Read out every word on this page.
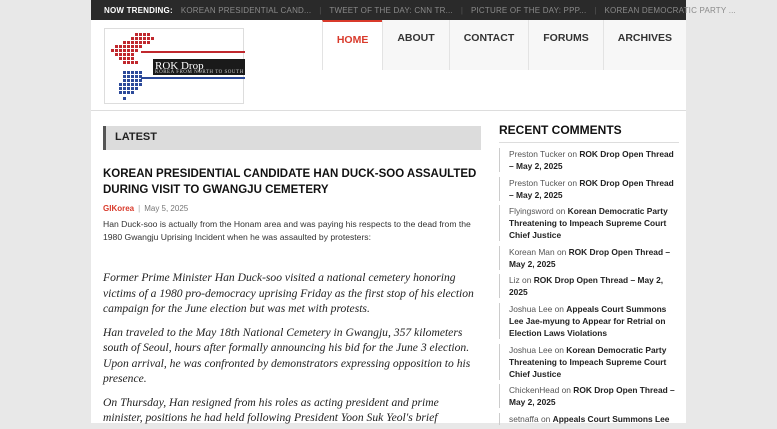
NOW TRENDING:	KOREAN PRESIDENTIAL CAND...	|	TWEET OF THE DAY: CNN TR...	|	PICTURE OF THE DAY: PPP...	|	KOREAN DEMOCRATIC PARTY ...
ROK Drop
KOREA FROM NORTH TO SOUTH
HOME	ABOUT	CONTACT	FORUMS	ARCHIVES
LATEST
KOREAN PRESIDENTIAL CANDIDATE HAN DUCK-SOO ASSAULTED DURING VISIT TO GWANGJU CEMETERY
GIKorea | May 5, 2025

Han Duck-soo is actually from the Honam area and was paying his respects to the dead from the 1980 Gwangju Uprising Incident when he was assaulted by protesters:

Former Prime Minister Han Duck-soo visited a national cemetery honoring victims of a 1980 pro-democracy uprising Friday as the first stop of his election campaign for the June election but was met with protests.

Han traveled to the May 18th National Cemetery in Gwangju, 357 kilometers south of Seoul, hours after formally announcing his bid for the June 3 election. Upon arrival, he was confronted by demonstrators expressing opposition to his presence.

On Thursday, Han resigned from his roles as acting president and prime minister, positions he had held following President Yoon Suk Yeol's brief

RECENT COMMENTS
Preston Tucker on ROK Drop Open Thread – May 2, 2025
Preston Tucker on ROK Drop Open Thread – May 2, 2025
Flyingsword on Korean Democratic Party Threatening to Impeach Supreme Court Chief Justice
Korean Man on ROK Drop Open Thread – May 2, 2025
Liz on ROK Drop Open Thread – May 2, 2025
Joshua Lee on Appeals Court Summons Lee Jae-myung to Appear for Retrial on Election Laws Violations
Joshua Lee on Korean Democratic Party Threatening to Impeach Supreme Court Chief Justice
ChickenHead on ROK Drop Open Thread – May 2, 2025
setnaffa on Appeals Court Summons Lee
